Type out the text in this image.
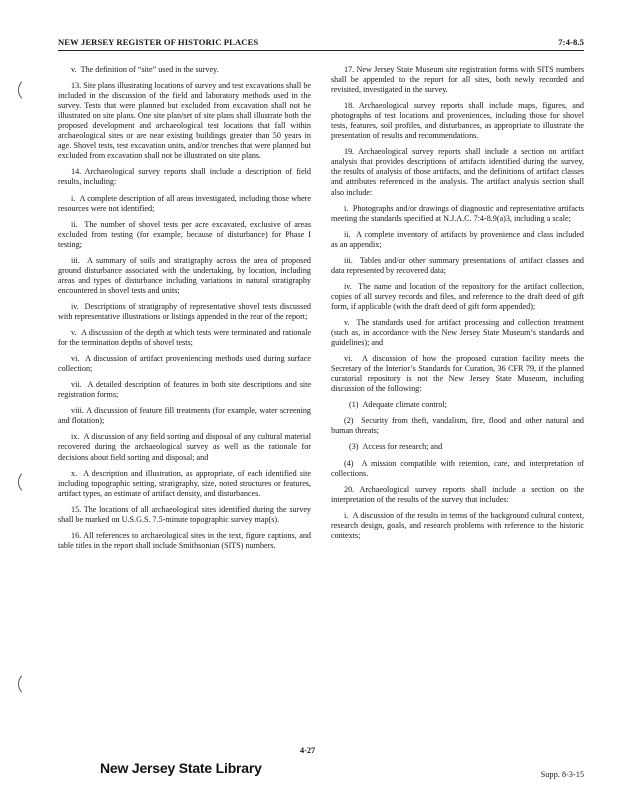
NEW JERSEY REGISTER OF HISTORIC PLACES	7:4-8.5

v.  The definition of “site” used in the survey.

13. Site plans illustrating locations of survey and test excavations shall be included in the discussion of the field and laboratory methods used in the survey. Tests that were planned but excluded from excavation shall not be illustrated on site plans. One site plan/set of site plans shall illustrate both the proposed development and archaeological test locations that fall within archaeological sites or are near existing buildings greater than 50 years in age. Shovel tests, test excavation units, and/or trenches that were planned but excluded from excavation shall not be illustrated on site plans.

14. Archaeological survey reports shall include a description of field results, including:

i.  A complete description of all areas investigated, including those where resources were not identified;

ii.  The number of shovel tests per acre excavated, exclusive of areas excluded from testing (for example, because of disturbance) for Phase I testing;

iii.  A summary of soils and stratigraphy across the area of proposed ground disturbance associated with the undertaking, by location, including areas and types of disturbance including variations in natural stratigraphy encountered in shovel tests and units;

iv.  Descriptions of stratigraphy of representative shovel tests discussed with representative illustrations or listings appended in the rear of the report;

v.  A discussion of the depth at which tests were terminated and rationale for the termination depths of shovel tests;

vi.  A discussion of artifact proveniencing methods used during surface collection;

vii.  A detailed description of features in both site descriptions and site registration forms;

viii. A discussion of feature fill treatments (for example, water screening and flotation);

ix.  A discussion of any field sorting and disposal of any cultural material recovered during the archaeological survey as well as the rationale for decisions about field sorting and disposal; and

x.  A description and illustration, as appropriate, of each identified site including topographic setting, stratigraphy, size, noted structures or features, artifact types, an estimate of artifact density, and disturbances.

15. The locations of all archaeological sites identified during the survey shall be marked on U.S.G.S. 7.5-minute topographic survey map(s).

16. All references to archaeological sites in the text, figure captions, and table titles in the report shall include Smithsonian (SITS) numbers.

17. New Jersey State Museum site registration forms with SITS numbers shall be appended to the report for all sites, both newly recorded and revisited, investigated in the survey.

18. Archaeological survey reports shall include maps, figures, and photographs of test locations and proveniences, including those for shovel tests, features, soil profiles, and disturbances, as appropriate to illustrate the presentation of results and recommendations.

19. Archaeological survey reports shall include a section on artifact analysis that provides descriptions of artifacts identified during the survey, the results of analysis of those artifacts, and the definitions of artifact classes and attributes referenced in the analysis. The artifact analysis section shall also include:

i.  Photographs and/or drawings of diagnostic and representative artifacts meeting the standards specified at N.J.A.C. 7:4-8.9(a)3, including a scale;

ii.  A complete inventory of artifacts by provenience and class included as an appendix;

iii.  Tables and/or other summary presentations of artifact classes and data represented by recovered data;

iv.  The name and location of the repository for the artifact collection, copies of all survey records and files, and reference to the draft deed of gift form, if applicable (with the draft deed of gift form appended);

v.  The standards used for artifact processing and collection treatment (such as, in accordance with the New Jersey State Museum’s standards and guidelines); and

vi.  A discussion of how the proposed curation facility meets the Secretary of the Interior’s Standards for Curation, 36 CFR 79, if the planned curatorial repository is not the New Jersey State Museum, including discussion of the following:

(1)  Adequate climate control;

(2)  Security from theft, vandalism, fire, flood and other natural and human threats;

(3)  Access for research; and

(4)  A mission compatible with retention, care, and interpretation of collections.

20. Archaeological survey reports shall include a section on the interpretation of the results of the survey that includes:

i.  A discussion of the results in terms of the background cultural context, research design, goals, and research problems with reference to the historic contexts;

4-27
New Jersey State Library	Supp. 8-3-15
